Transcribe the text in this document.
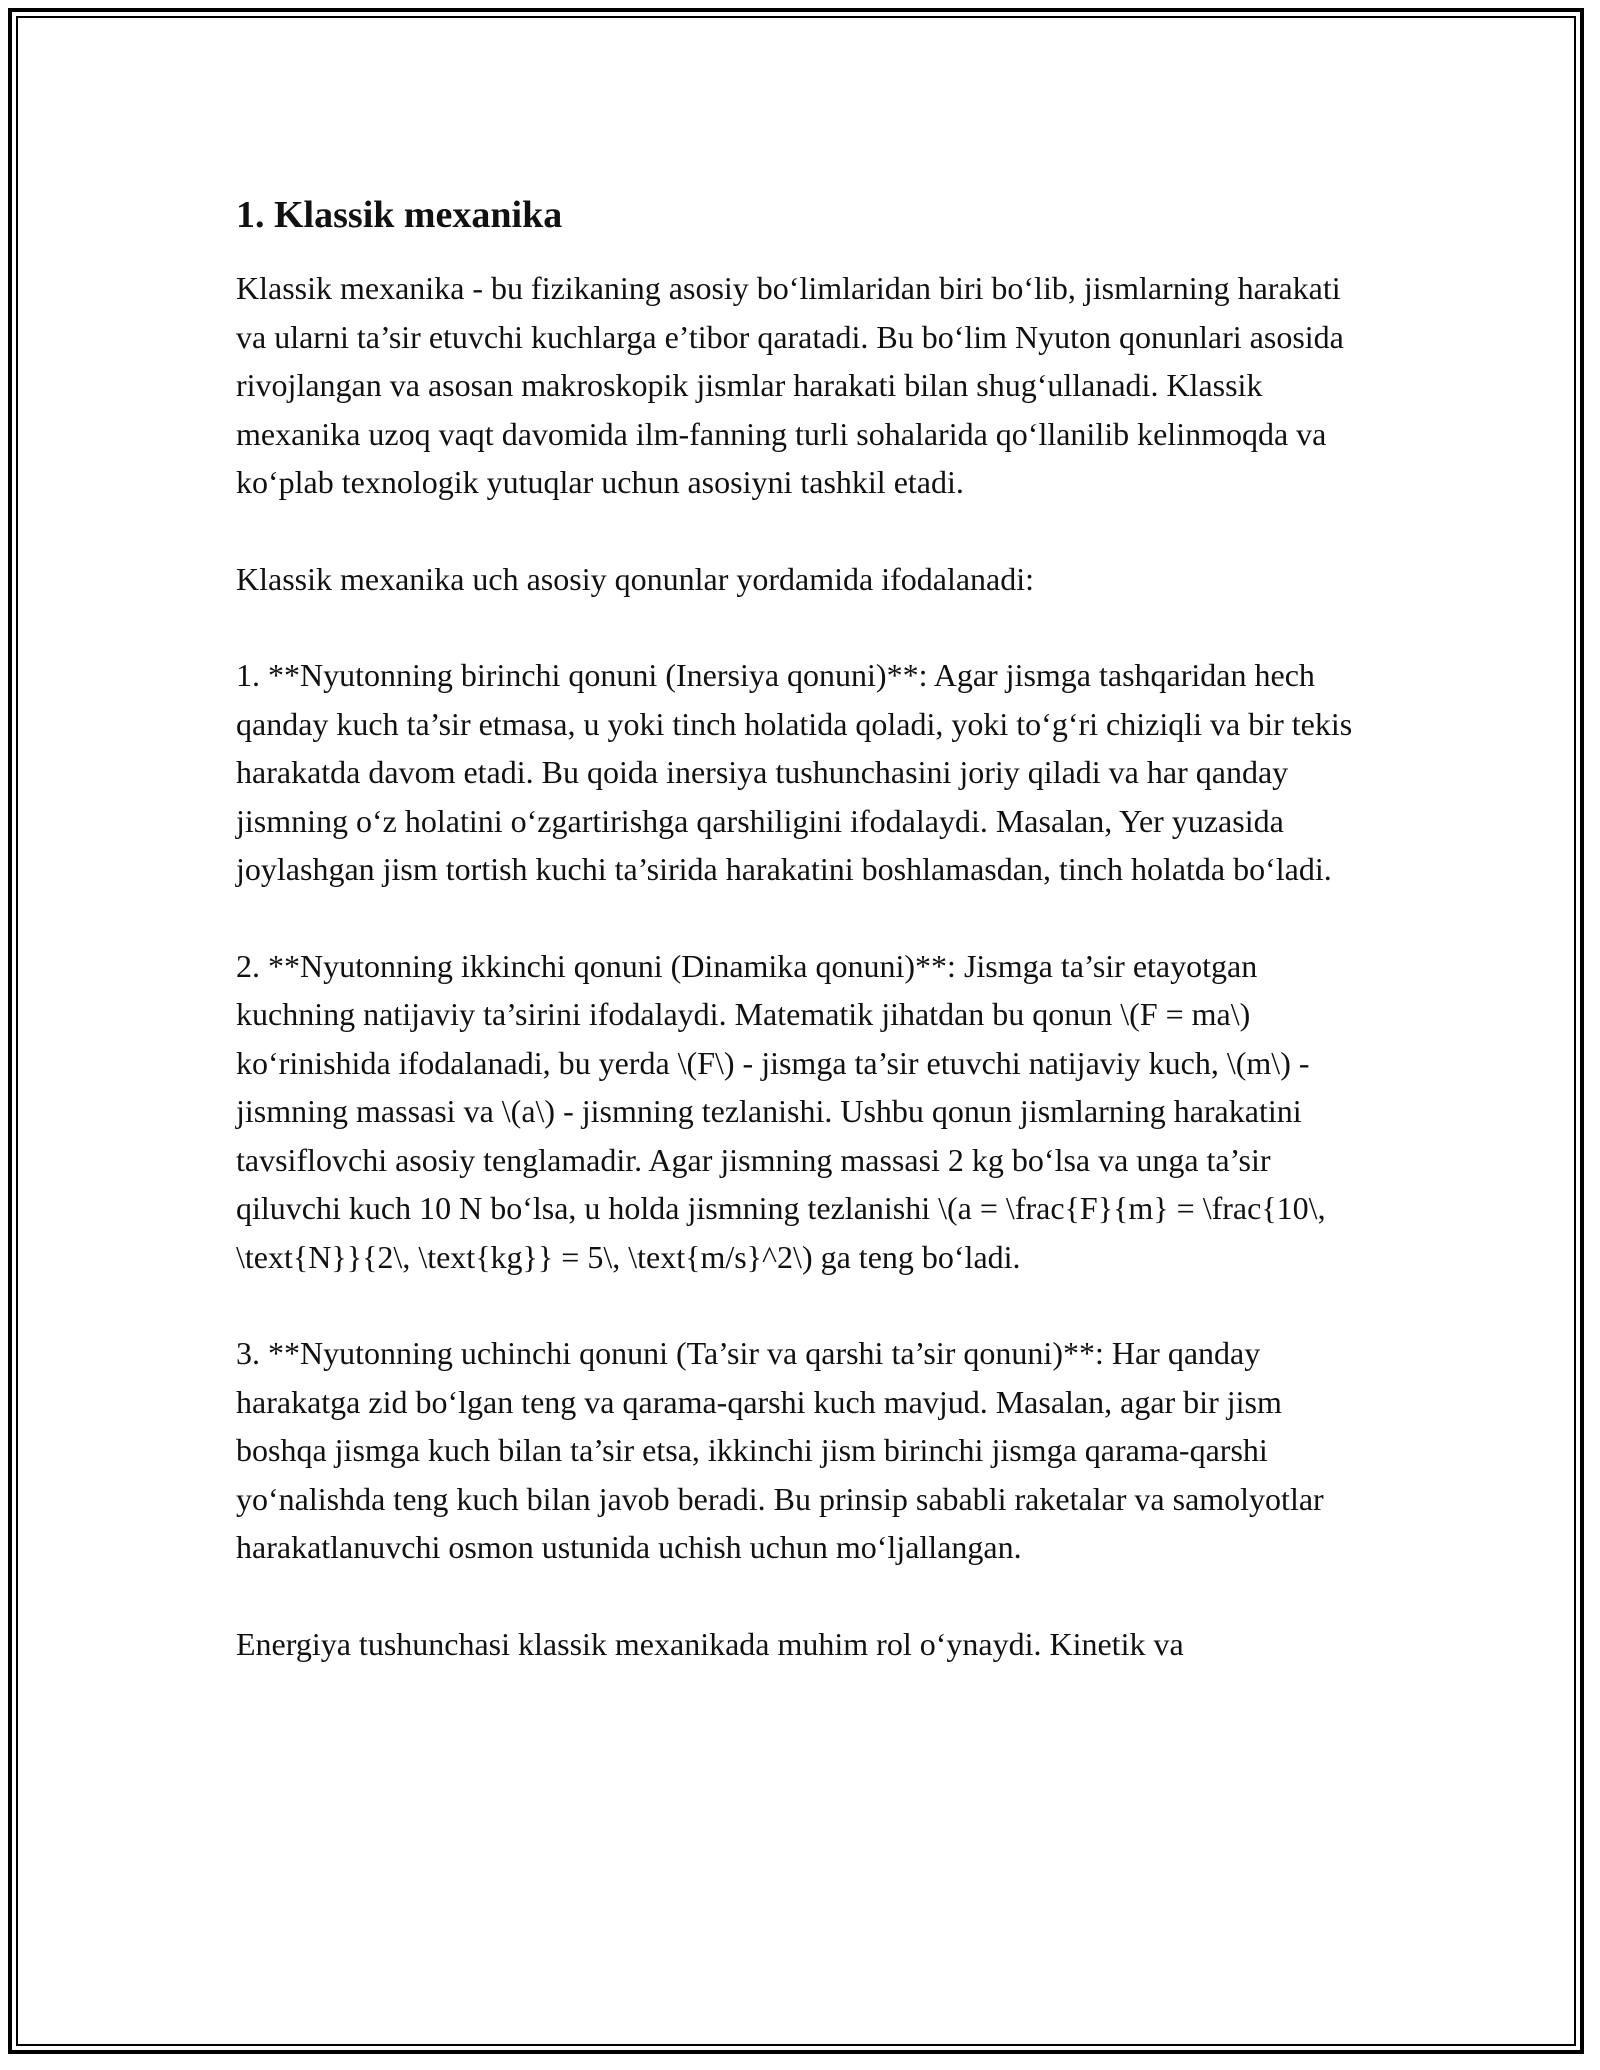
1. Klassik mexanika

Klassik mexanika - bu fizikaning asosiy bo‘limlaridan biri bo‘lib, jismlarning harakati va ularni ta’sir etuvchi kuchlarga e’tibor qaratadi. Bu bo‘lim Nyuton qonunlari asosida rivojlangan va asosan makroskopik jismlar harakati bilan shug‘ullanadi. Klassik mexanika uzoq vaqt davomida ilm-fanning turli sohalarida qo‘llanilib kelinmoqda va ko‘plab texnologik yutuqlar uchun asosiyni tashkil etadi.

Klassik mexanika uch asosiy qonunlar yordamida ifodalanadi:

1. **Nyutonning birinchi qonuni (Inersiya qonuni)**: Agar jismga tashqaridan hech qanday kuch ta’sir etmasa, u yoki tinch holatida qoladi, yoki to‘g‘ri chiziqli va bir tekis harakatda davom etadi. Bu qoida inersiya tushunchasini joriy qiladi va har qanday jismning o‘z holatini o‘zgartirishga qarshiligini ifodalaydi. Masalan, Yer yuzasida joylashgan jism tortish kuchi ta’sirida harakatini boshlamasdan, tinch holatda bo‘ladi.

2. **Nyutonning ikkinchi qonuni (Dinamika qonuni)**: Jismga ta’sir etayotgan kuchning natijaviy ta’sirini ifodalaydi. Matematik jihatdan bu qonun \(F = ma\) ko‘rinishida ifodalanadi, bu yerda \(F\) - jismga ta’sir etuvchi natijaviy kuch, \(m\) - jismning massasi va \(a\) - jismning tezlanishi. Ushbu qonun jismlarning harakatini tavsiflovchi asosiy tenglamadir. Agar jismning massasi 2 kg bo‘lsa va unga ta’sir qiluvchi kuch 10 N bo‘lsa, u holda jismning tezlanishi \(a = \frac{F}{m} = \frac{10\, \text{N}}{2\, \text{kg}} = 5\, \text{m/s}^2\) ga teng bo‘ladi.

3. **Nyutonning uchinchi qonuni (Ta’sir va qarshi ta’sir qonuni)**: Har qanday harakatga zid bo‘lgan teng va qarama-qarshi kuch mavjud. Masalan, agar bir jism boshqa jismga kuch bilan ta’sir etsa, ikkinchi jism birinchi jismga qarama-qarshi yo‘nalishda teng kuch bilan javob beradi. Bu prinsip sababli raketalar va samolyotlar harakatlanuvchi osmon ustunida uchish uchun mo‘ljallangan.

Energiya tushunchasi klassik mexanikada muhim rol o‘ynaydi. Kinetik va
